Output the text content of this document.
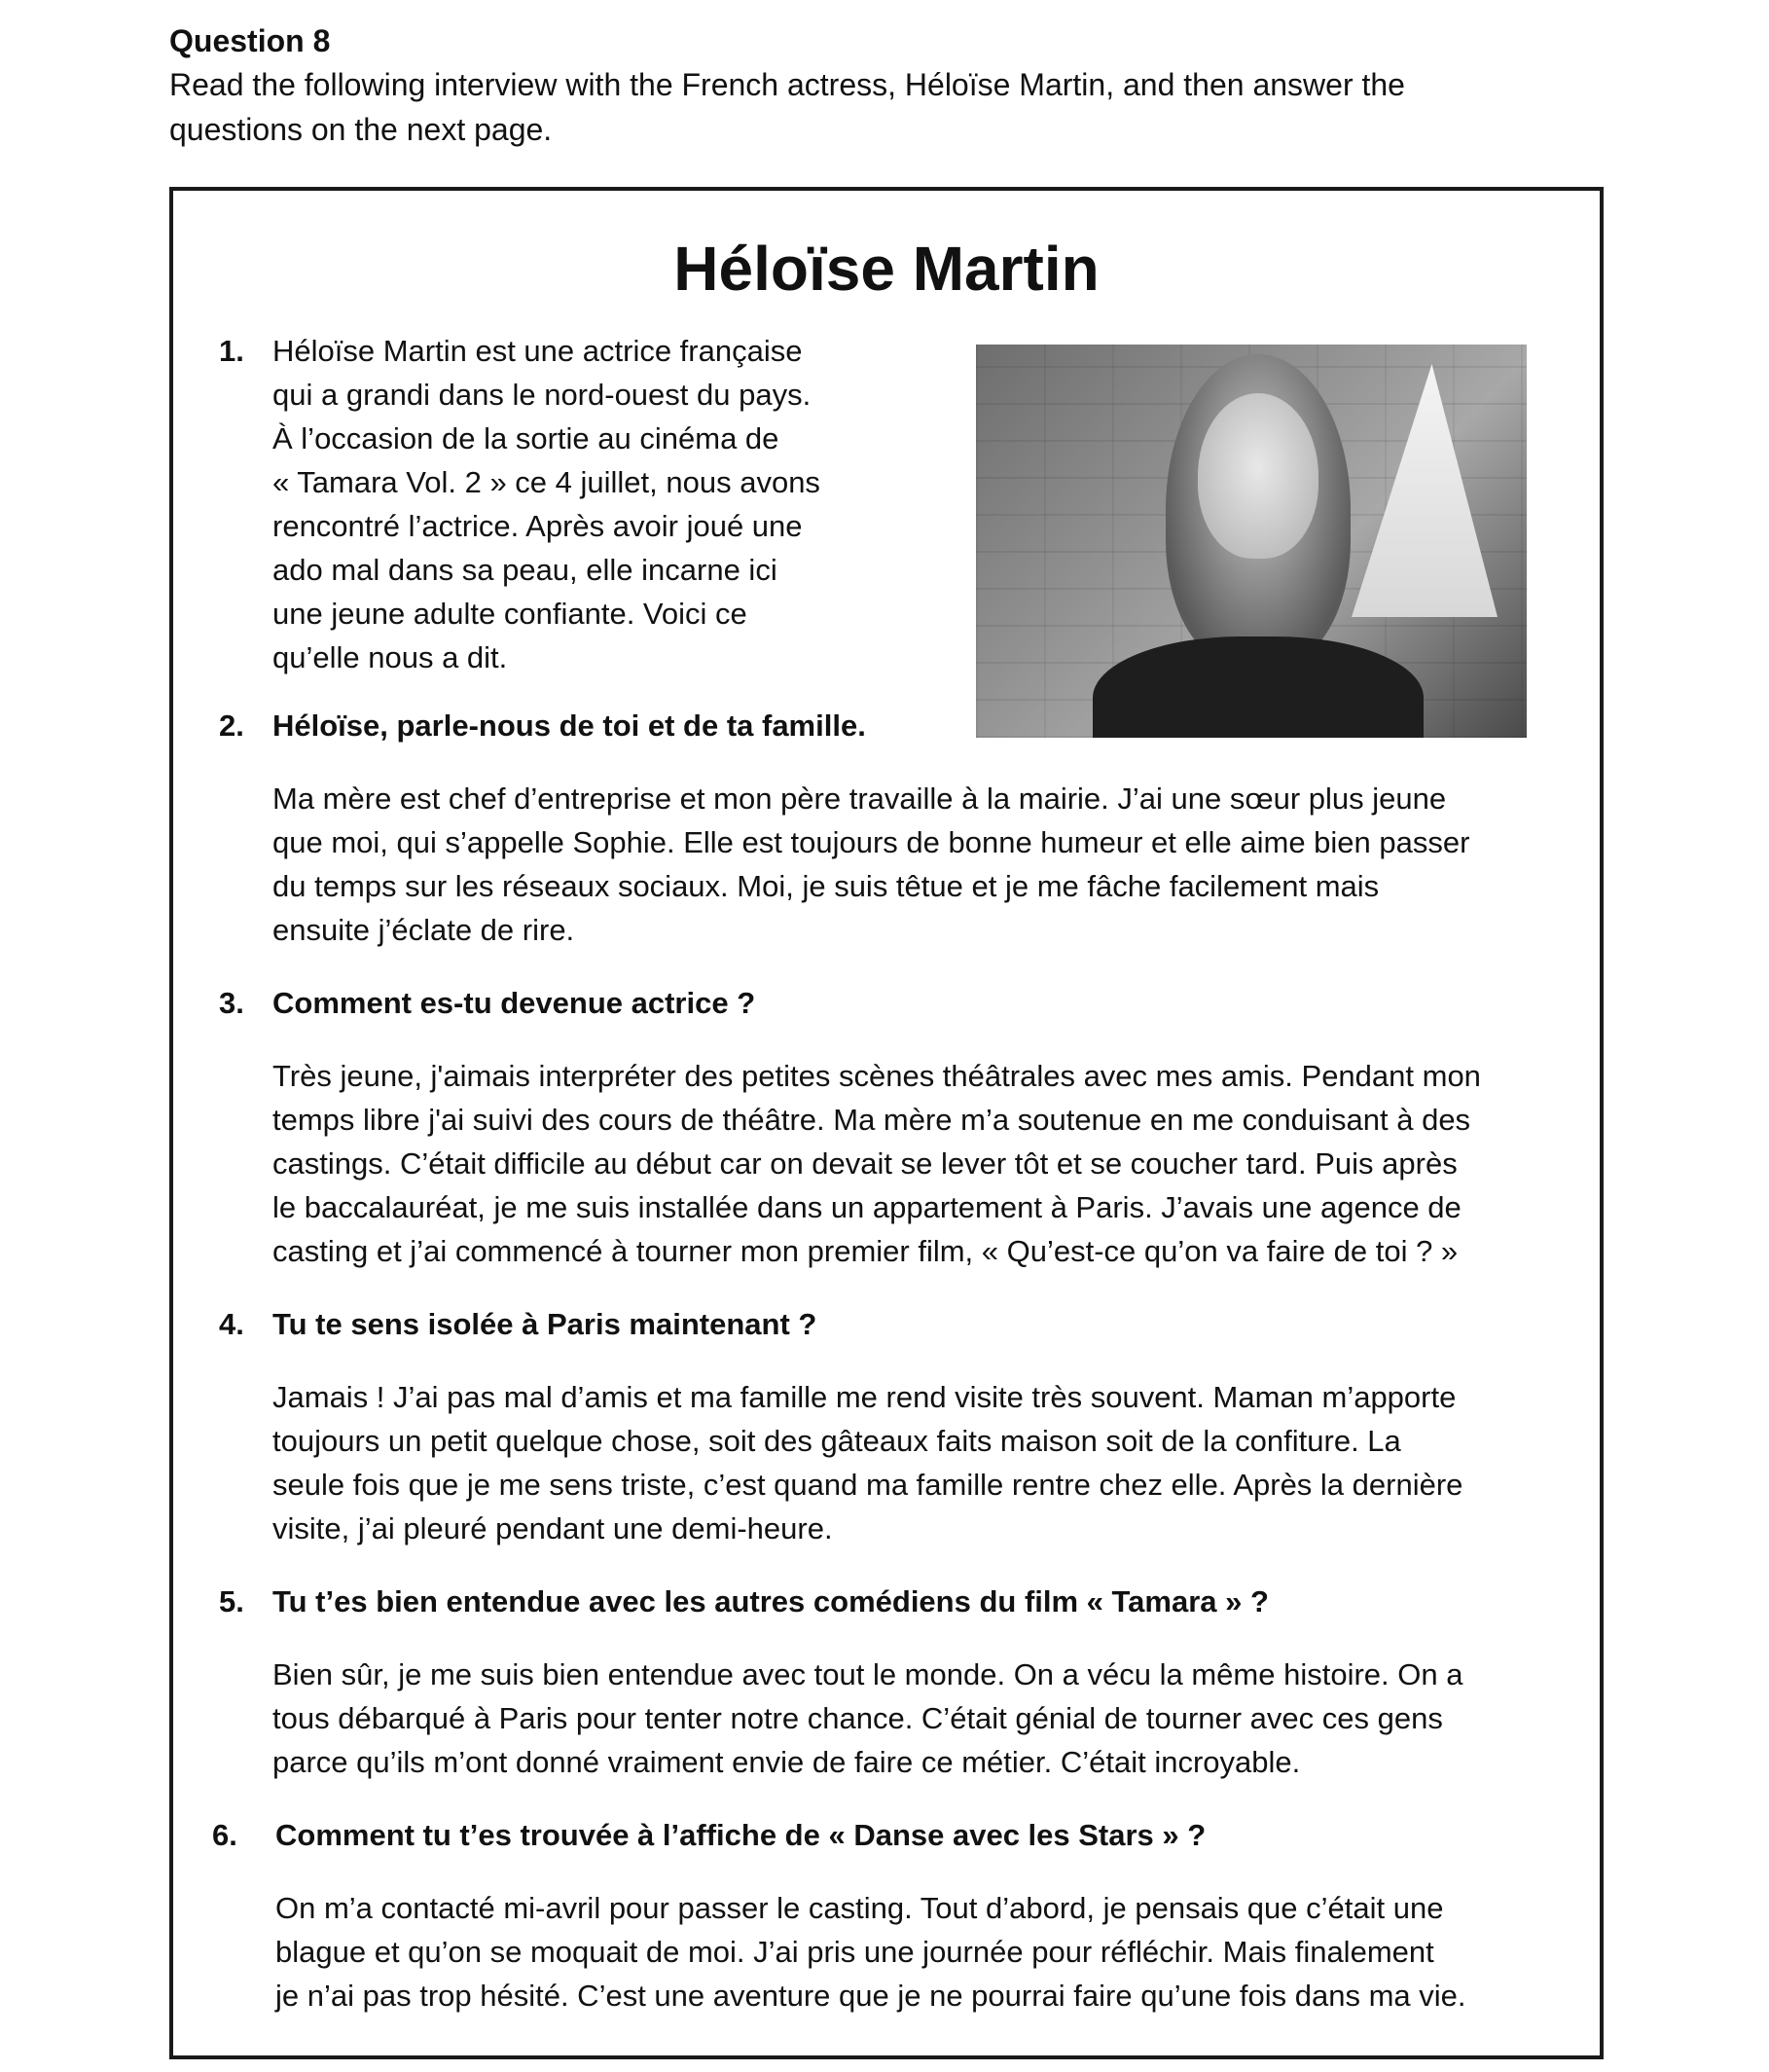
Question 8

Read the following interview with the French actress, Héloïse Martin, and then answer the
questions on the next page.

Héloïse Martin
1. Héloïse Martin est une actrice française
qui a grandi dans le nord-ouest du pays.
À l’occasion de la sortie au cinéma de
« Tamara Vol. 2 » ce 4 juillet, nous avons
rencontré l’actrice. Après avoir joué une
ado mal dans sa peau, elle incarne ici
une jeune adulte confiante. Voici ce
qu’elle nous a dit.
2. Héloïse, parle-nous de toi et de ta famille.
Ma mère est chef d’entreprise et mon père travaille à la mairie. J’ai une sœur plus jeune
que moi, qui s’appelle Sophie. Elle est toujours de bonne humeur et elle aime bien passer
du temps sur les réseaux sociaux. Moi, je suis têtue et je me fâche facilement mais
ensuite j’éclate de rire.
3. Comment es-tu devenue actrice ?
Très jeune, j'aimais interpréter des petites scènes théâtrales avec mes amis. Pendant mon
temps libre j'ai suivi des cours de théâtre. Ma mère m’a soutenue en me conduisant à des
castings. C’était difficile au début car on devait se lever tôt et se coucher tard. Puis après
le baccalauréat, je me suis installée dans un appartement à Paris. J’avais une agence de
casting et j’ai commencé à tourner mon premier film, « Qu’est-ce qu’on va faire de toi ? »
4. Tu te sens isolée à Paris maintenant ?
Jamais ! J’ai pas mal d’amis et ma famille me rend visite très souvent. Maman m’apporte
toujours un petit quelque chose, soit des gâteaux faits maison soit de la confiture. La
seule fois que je me sens triste, c’est quand ma famille rentre chez elle. Après la dernière
visite, j’ai pleuré pendant une demi-heure.
5. Tu t’es bien entendue avec les autres comédiens du film « Tamara » ?
Bien sûr, je me suis bien entendue avec tout le monde. On a vécu la même histoire. On a
tous débarqué à Paris pour tenter notre chance. C’était génial de tourner avec ces gens
parce qu’ils m’ont donné vraiment envie de faire ce métier. C’était incroyable.
6. Comment tu t’es trouvée à l’affiche de « Danse avec les Stars » ?
On m’a contacté mi-avril pour passer le casting. Tout d’abord, je pensais que c’était une
blague et qu’on se moquait de moi. J’ai pris une journée pour réfléchir. Mais finalement
je n’ai pas trop hésité. C’est une aventure que je ne pourrai faire qu’une fois dans ma vie.
